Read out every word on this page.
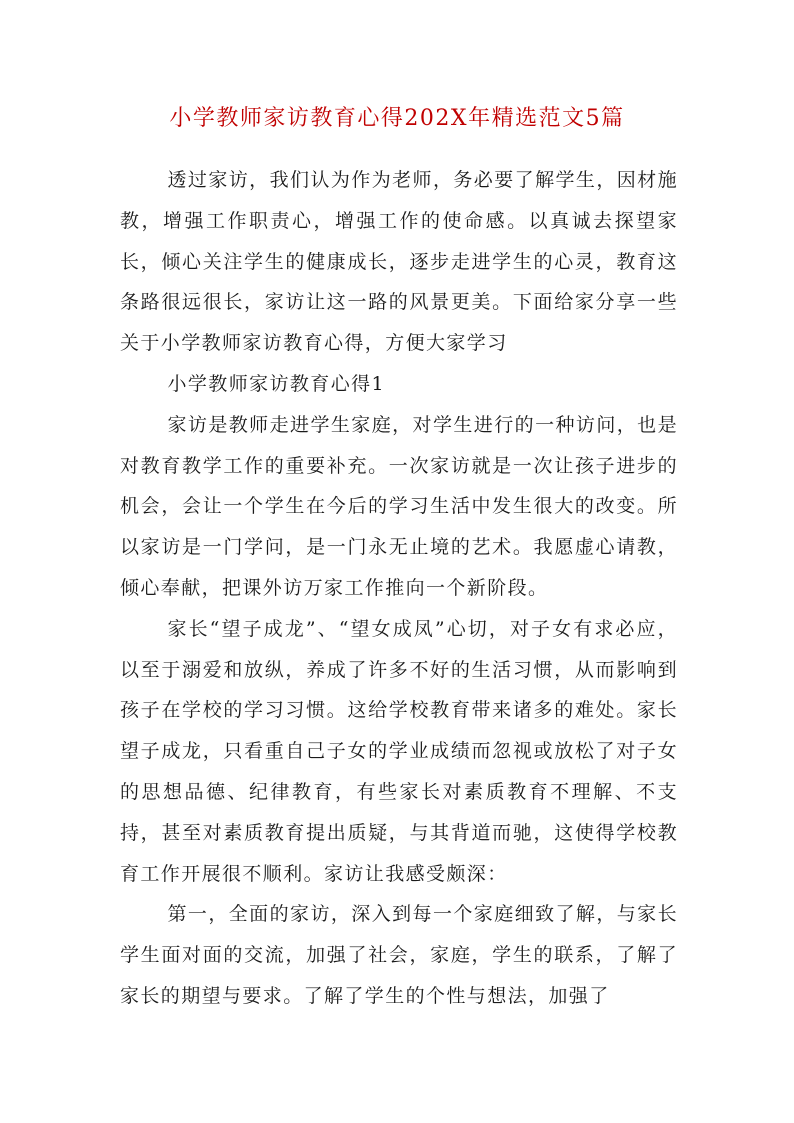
小学教师家访教育心得202X年精选范文5篇

透过家访，我们认为作为老师，务必要了解学生，因材施教，增强工作职责心，增强工作的使命感。以真诚去探望家长，倾心关注学生的健康成长，逐步走进学生的心灵，教育这条路很远很长，家访让这一路的风景更美。下面给家分享一些关于小学教师家访教育心得，方便大家学习

小学教师家访教育心得1

家访是教师走进学生家庭，对学生进行的一种访问，也是对教育教学工作的重要补充。一次家访就是一次让孩子进步的机会，会让一个学生在今后的学习生活中发生很大的改变。所以家访是一门学问，是一门永无止境的艺术。我愿虚心请教，倾心奉献，把课外访万家工作推向一个新阶段。

家长“望子成龙”、“望女成凤”心切，对子女有求必应，以至于溺爱和放纵，养成了许多不好的生活习惯，从而影响到孩子在学校的学习习惯。这给学校教育带来诸多的难处。家长望子成龙，只看重自己子女的学业成绩而忽视或放松了对子女的思想品德、纪律教育，有些家长对素质教育不理解、不支持，甚至对素质教育提出质疑，与其背道而驰，这使得学校教育工作开展很不顺利。家访让我感受颇深：

第一，全面的家访，深入到每一个家庭细致了解，与家长学生面对面的交流，加强了社会，家庭，学生的联系，了解了家长的期望与要求。了解了学生的个性与想法，加强了
